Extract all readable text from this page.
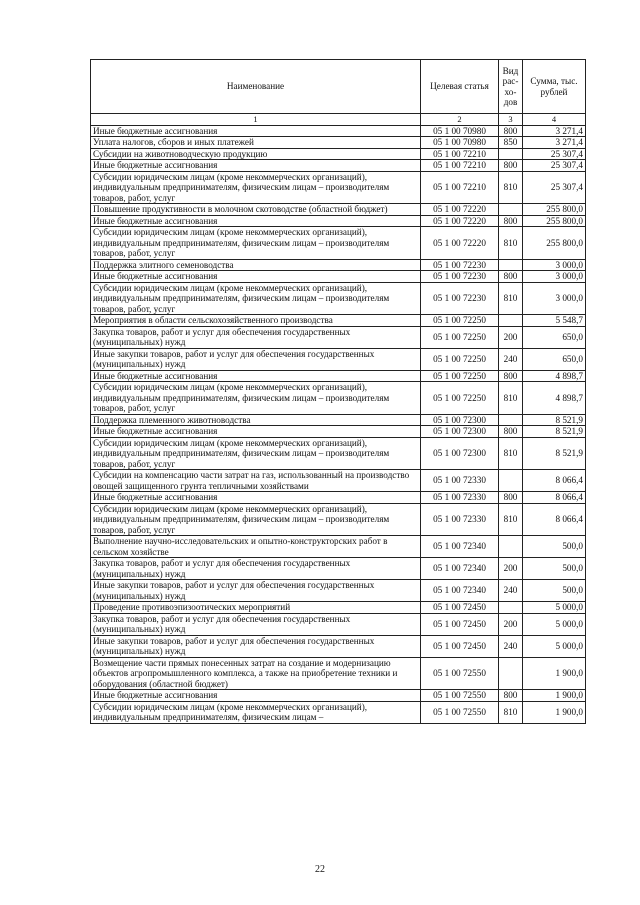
Наименование	Целевая статья	Вид рас-хо-дов	Сумма, тыс. рублей
1	2	3	4
Иные бюджетные ассигнования	05 1 00 70980	800	3 271,4
Уплата налогов, сборов и иных платежей	05 1 00 70980	850	3 271,4
Субсидии на животноводческую продукцию	05 1 00 72210		25 307,4
Иные бюджетные ассигнования	05 1 00 72210	800	25 307,4
Субсидии юридическим лицам (кроме некоммерческих организаций), индивидуальным предпринимателям, физическим лицам – производителям товаров, работ, услуг	05 1 00 72210	810	25 307,4
Повышение продуктивности в молочном скотоводстве (областной бюджет)	05 1 00 72220		255 800,0
Иные бюджетные ассигнования	05 1 00 72220	800	255 800,0
Субсидии юридическим лицам (кроме некоммерческих организаций), индивидуальным предпринимателям, физическим лицам – производителям товаров, работ, услуг	05 1 00 72220	810	255 800,0
Поддержка элитного семеноводства	05 1 00 72230		3 000,0
Иные бюджетные ассигнования	05 1 00 72230	800	3 000,0
Субсидии юридическим лицам (кроме некоммерческих организаций), индивидуальным предпринимателям, физическим лицам – производителям товаров, работ, услуг	05 1 00 72230	810	3 000,0
Мероприятия в области сельскохозяйственного производства	05 1 00 72250		5 548,7
Закупка товаров, работ и услуг для обеспечения государственных (муниципальных) нужд	05 1 00 72250	200	650,0
Иные закупки товаров, работ и услуг для обеспечения государственных (муниципальных) нужд	05 1 00 72250	240	650,0
Иные бюджетные ассигнования	05 1 00 72250	800	4 898,7
Субсидии юридическим лицам (кроме некоммерческих организаций), индивидуальным предпринимателям, физическим лицам – производителям товаров, работ, услуг	05 1 00 72250	810	4 898,7
Поддержка племенного животноводства	05 1 00 72300		8 521,9
Иные бюджетные ассигнования	05 1 00 72300	800	8 521,9
Субсидии юридическим лицам (кроме некоммерческих организаций), индивидуальным предпринимателям, физическим лицам – производителям товаров, работ, услуг	05 1 00 72300	810	8 521,9
Субсидии на компенсацию части затрат на газ, использованный на производство овощей защищенного грунта тепличными хозяйствами	05 1 00 72330		8 066,4
Иные бюджетные ассигнования	05 1 00 72330	800	8 066,4
Субсидии юридическим лицам (кроме некоммерческих организаций), индивидуальным предпринимателям, физическим лицам – производителям товаров, работ, услуг	05 1 00 72330	810	8 066,4
Выполнение научно-исследовательских и опытно-конструкторских работ в сельском хозяйстве	05 1 00 72340		500,0
Закупка товаров, работ и услуг для обеспечения государственных (муниципальных) нужд	05 1 00 72340	200	500,0
Иные закупки товаров, работ и услуг для обеспечения государственных (муниципальных) нужд	05 1 00 72340	240	500,0
Проведение противоэпизоотических мероприятий	05 1 00 72450		5 000,0
Закупка товаров, работ и услуг для обеспечения государственных (муниципальных) нужд	05 1 00 72450	200	5 000,0
Иные закупки товаров, работ и услуг для обеспечения государственных (муниципальных) нужд	05 1 00 72450	240	5 000,0
Возмещение части прямых понесенных затрат на создание и модернизацию объектов агропромышленного комплекса, а также на приобретение техники и оборудования (областной бюджет)	05 1 00 72550		1 900,0
Иные бюджетные ассигнования	05 1 00 72550	800	1 900,0
Субсидии юридическим лицам (кроме некоммерческих организаций), индивидуальным предпринимателям, физическим лицам –	05 1 00 72550	810	1 900,0
22
